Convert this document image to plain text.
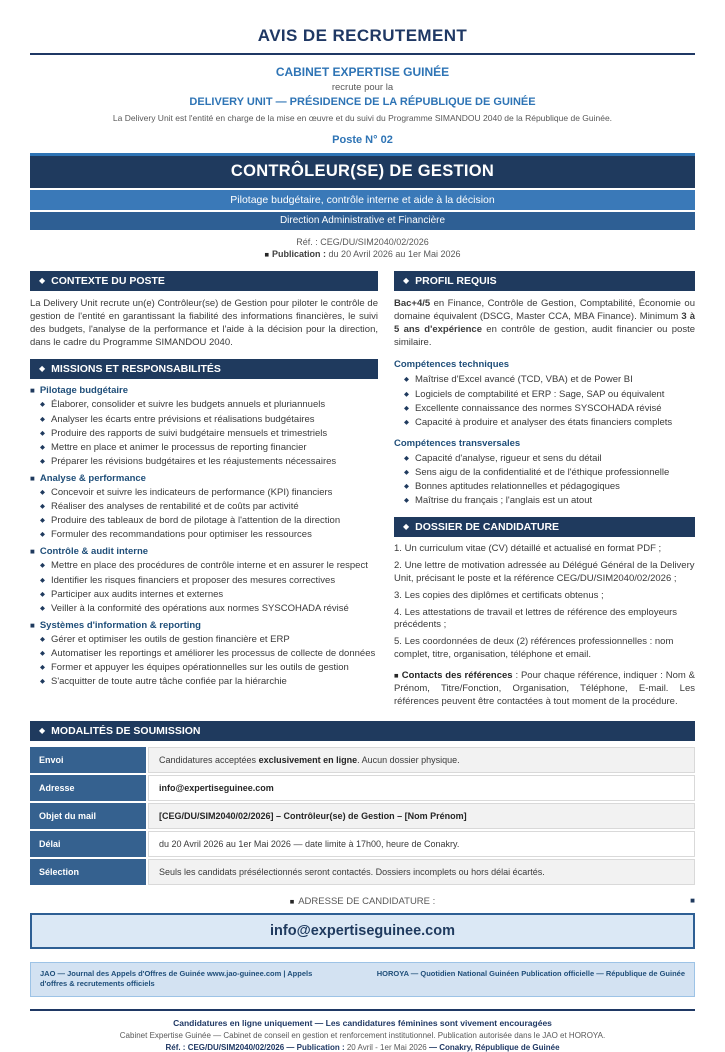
AVIS DE RECRUTEMENT
CABINET EXPERTISE GUINÉE
recrute pour la
DELIVERY UNIT — PRÉSIDENCE DE LA RÉPUBLIQUE DE GUINÉE
La Delivery Unit est l'entité en charge de la mise en œuvre et du suivi du Programme SIMANDOU 2040 de la République de Guinée.
Poste N° 02
CONTRÔLEUR(SE) DE GESTION
Pilotage budgétaire, contrôle interne et aide à la décision
Direction Administrative et Financière
Réf. : CEG/DU/SIM2040/02/2026
■ Publication : du 20 Avril 2026 au 1er Mai 2026
◆ CONTEXTE DU POSTE

La Delivery Unit recrute un(e) Contrôleur(se) de Gestion pour piloter le contrôle de gestion de l'entité en garantissant la fiabilité des informations financières, le suivi des budgets, l'analyse de la performance et l'aide à la décision pour la direction, dans le cadre du Programme SIMANDOU 2040.

◆ MISSIONS ET RESPONSABILITÉS
■ Pilotage budgétaire
◆ Élaborer, consolider et suivre les budgets annuels et pluriannuels
◆ Analyser les écarts entre prévisions et réalisations budgétaires
◆ Produire des rapports de suivi budgétaire mensuels et trimestriels
◆ Mettre en place et animer le processus de reporting financier
◆ Préparer les révisions budgétaires et les réajustements nécessaires
■ Analyse & performance
◆ Concevoir et suivre les indicateurs de performance (KPI) financiers
◆ Réaliser des analyses de rentabilité et de coûts par activité
◆ Produire des tableaux de bord de pilotage à l'attention de la direction
◆ Formuler des recommandations pour optimiser les ressources
■ Contrôle & audit interne
◆ Mettre en place des procédures de contrôle interne et en assurer le respect
◆ Identifier les risques financiers et proposer des mesures correctives
◆ Participer aux audits internes et externes
◆ Veiller à la conformité des opérations aux normes SYSCOHADA révisé
■ Systèmes d'information & reporting
◆ Gérer et optimiser les outils de gestion financière et ERP
◆ Automatiser les reportings et améliorer les processus de collecte de données
◆ Former et appuyer les équipes opérationnelles sur les outils de gestion
◆ S'acquitter de toute autre tâche confiée par la hiérarchie
◆ PROFIL REQUIS

Bac+4/5 en Finance, Contrôle de Gestion, Comptabilité, Économie ou domaine équivalent (DSCG, Master CCA, MBA Finance). Minimum 3 à 5 ans d'expérience en contrôle de gestion, audit financier ou poste similaire.

Compétences techniques
◆ Maîtrise d'Excel avancé (TCD, VBA) et de Power BI
◆ Logiciels de comptabilité et ERP : Sage, SAP ou équivalent
◆ Excellente connaissance des normes SYSCOHADA révisé
◆ Capacité à produire et analyser des états financiers complets
Compétences transversales
◆ Capacité d'analyse, rigueur et sens du détail
◆ Sens aigu de la confidentialité et de l'éthique professionnelle
◆ Bonnes aptitudes relationnelles et pédagogiques
◆ Maîtrise du français ; l'anglais est un atout
◆ DOSSIER DE CANDIDATURE
1. Un curriculum vitae (CV) détaillé et actualisé en format PDF ;
2. Une lettre de motivation adressée au Délégué Général de la Delivery Unit, précisant le poste et la référence CEG/DU/SIM2040/02/2026 ;
3. Les copies des diplômes et certificats obtenus ;
4. Les attestations de travail et lettres de référence des employeurs précédents ;
5. Les coordonnées de deux (2) références professionnelles : nom complet, titre, organisation, téléphone et email.
■ Contacts des références : Pour chaque référence, indiquer : Nom & Prénom, Titre/Fonction, Organisation, Téléphone, E-mail. Les références peuvent être contactées à tout moment de la procédure.
◆ MODALITÉS DE SOUMISSION
Envoi	Candidatures acceptées exclusivement en ligne. Aucun dossier physique.
Adresse	info@expertiseguinee.com
Objet du mail	[CEG/DU/SIM2040/02/2026] – Contrôleur(se) de Gestion – [Nom Prénom]
Délai	du 20 Avril 2026 au 1er Mai 2026 — date limite à 17h00, heure de Conakry.
Sélection	Seuls les candidats présélectionnés seront contactés. Dossiers incomplets ou hors délai écartés.
■ ADRESSE DE CANDIDATURE :	■
info@expertiseguinee.com
JAO — Journal des Appels d'Offres de Guinée www.jao-guinee.com | Appels d'offres & recrutements officiels
HOROYA — Quotidien National Guinéen Publication officielle — République de Guinée
Candidatures en ligne uniquement — Les candidatures féminines sont vivement encouragées
Cabinet Expertise Guinée — Cabinet de conseil en gestion et renforcement institutionnel. Publication autorisée dans le JAO et HOROYA.
Réf. : CEG/DU/SIM2040/02/2026 — Publication : 20 Avril - 1er Mai 2026 — Conakry, République de Guinée
